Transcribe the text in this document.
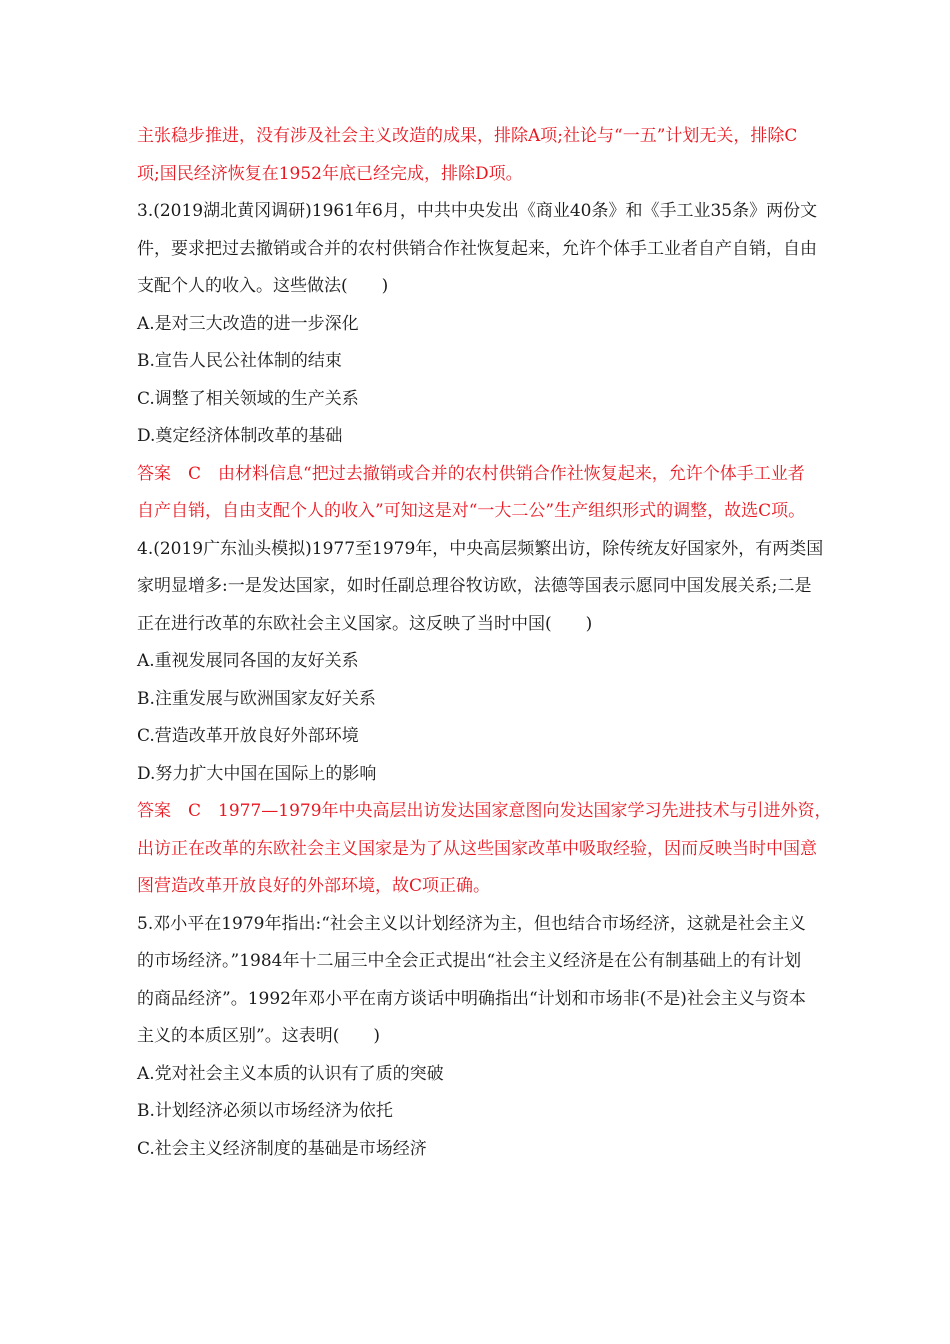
主张稳步推进，没有涉及社会主义改造的成果，排除A项;社论与“一五”计划无关，排除C
项;国民经济恢复在1952年底已经完成，排除D项。
3.(2019湖北黄冈调研)1961年6月，中共中央发出《商业40条》和《手工业35条》两份文
件，要求把过去撤销或合并的农村供销合作社恢复起来，允许个体手工业者自产自销，自由
支配个人的收入。这些做法(　　)
A.是对三大改造的进一步深化
B.宣告人民公社体制的结束
C.调整了相关领域的生产关系
D.奠定经济体制改革的基础
答案　C　由材料信息“把过去撤销或合并的农村供销合作社恢复起来，允许个体手工业者
自产自销，自由支配个人的收入”可知这是对“一大二公”生产组织形式的调整，故选C项。
4.(2019广东汕头模拟)1977至1979年，中央高层频繁出访，除传统友好国家外，有两类国
家明显增多:一是发达国家，如时任副总理谷牧访欧，法德等国表示愿同中国发展关系;二是
正在进行改革的东欧社会主义国家。这反映了当时中国(　　)
A.重视发展同各国的友好关系
B.注重发展与欧洲国家友好关系
C.营造改革开放良好外部环境
D.努力扩大中国在国际上的影响
答案　C　1977—1979年中央高层出访发达国家意图向发达国家学习先进技术与引进外资，
出访正在改革的东欧社会主义国家是为了从这些国家改革中吸取经验，因而反映当时中国意
图营造改革开放良好的外部环境，故C项正确。
5.邓小平在1979年指出:“社会主义以计划经济为主，但也结合市场经济，这就是社会主义
的市场经济。”1984年十二届三中全会正式提出“社会主义经济是在公有制基础上的有计划
的商品经济”。1992年邓小平在南方谈话中明确指出“计划和市场非(不是)社会主义与资本
主义的本质区别”。这表明(　　)
A.党对社会主义本质的认识有了质的突破
B.计划经济必须以市场经济为依托
C.社会主义经济制度的基础是市场经济
